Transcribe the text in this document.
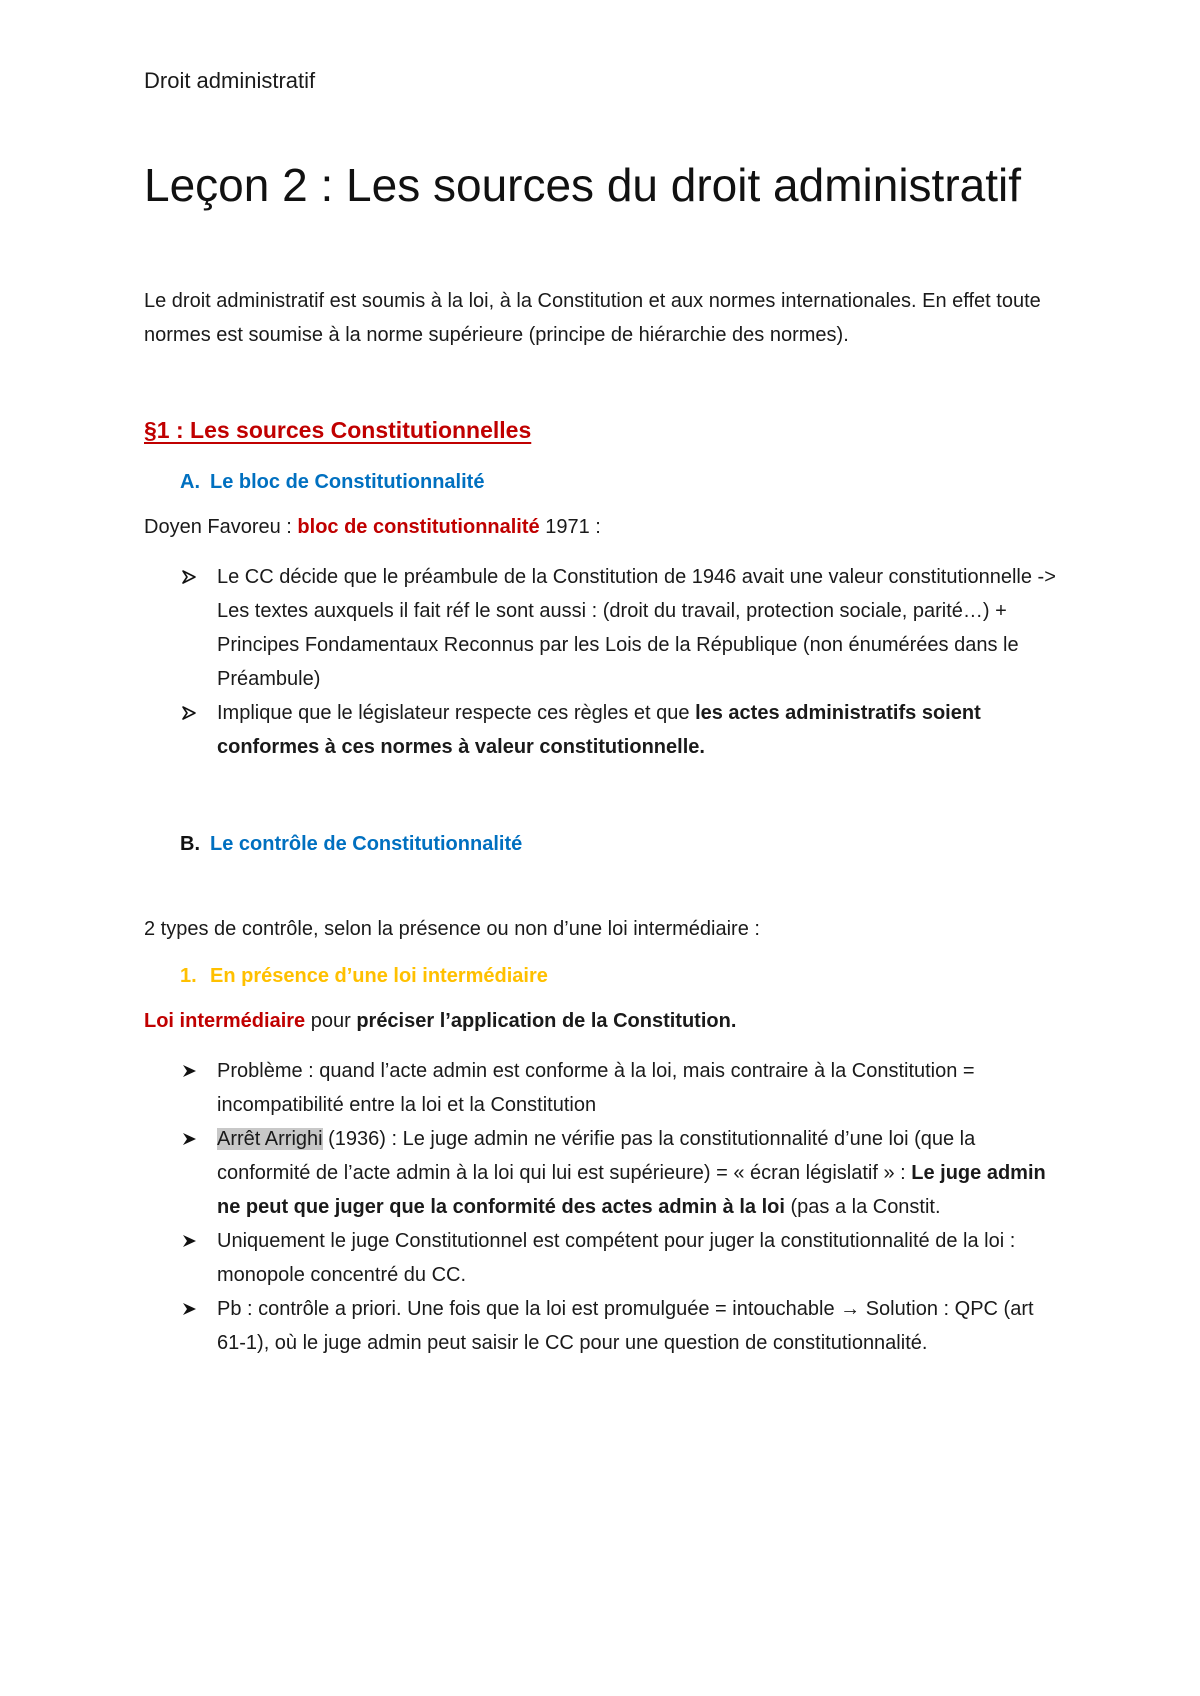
Droit administratif

Leçon 2 : Les sources du droit administratif

Le droit administratif est soumis à la loi, à la Constitution et aux normes internationales. En effet toute normes est soumise à la norme supérieure (principe de hiérarchie des normes).

§1 : Les sources Constitutionnelles
A. Le bloc de Constitutionnalité

Doyen Favoreu : bloc de constitutionnalité 1971 :

Le CC décide que le préambule de la Constitution de 1946 avait une valeur constitutionnelle -> Les textes auxquels il fait réf le sont aussi : (droit du travail, protection sociale, parité…) + Principes Fondamentaux Reconnus par les Lois de la République (non énumérées dans le Préambule)
Implique que le législateur respecte ces règles et que les actes administratifs soient conformes à ces normes à valeur constitutionnelle.
B. Le contrôle de Constitutionnalité

2 types de contrôle, selon la présence ou non d’une loi intermédiaire :

1. En présence d’une loi intermédiaire

Loi intermédiaire pour préciser l’application de la Constitution.

Problème : quand l’acte admin est conforme à la loi, mais contraire à la Constitution = incompatibilité entre la loi et la Constitution
Arrêt Arrighi (1936) : Le juge admin ne vérifie pas la constitutionnalité d’une loi (que la conformité de l’acte admin à la loi qui lui est supérieure) = « écran législatif » : Le juge admin ne peut que juger que la conformité des actes admin à la loi (pas a la Constit.
Uniquement le juge Constitutionnel est compétent pour juger la constitutionnalité de la loi : monopole concentré du CC.
Pb : contrôle a priori. Une fois que la loi est promulguée = intouchable → Solution : QPC (art 61-1), où le juge admin peut saisir le CC pour une question de constitutionnalité.
